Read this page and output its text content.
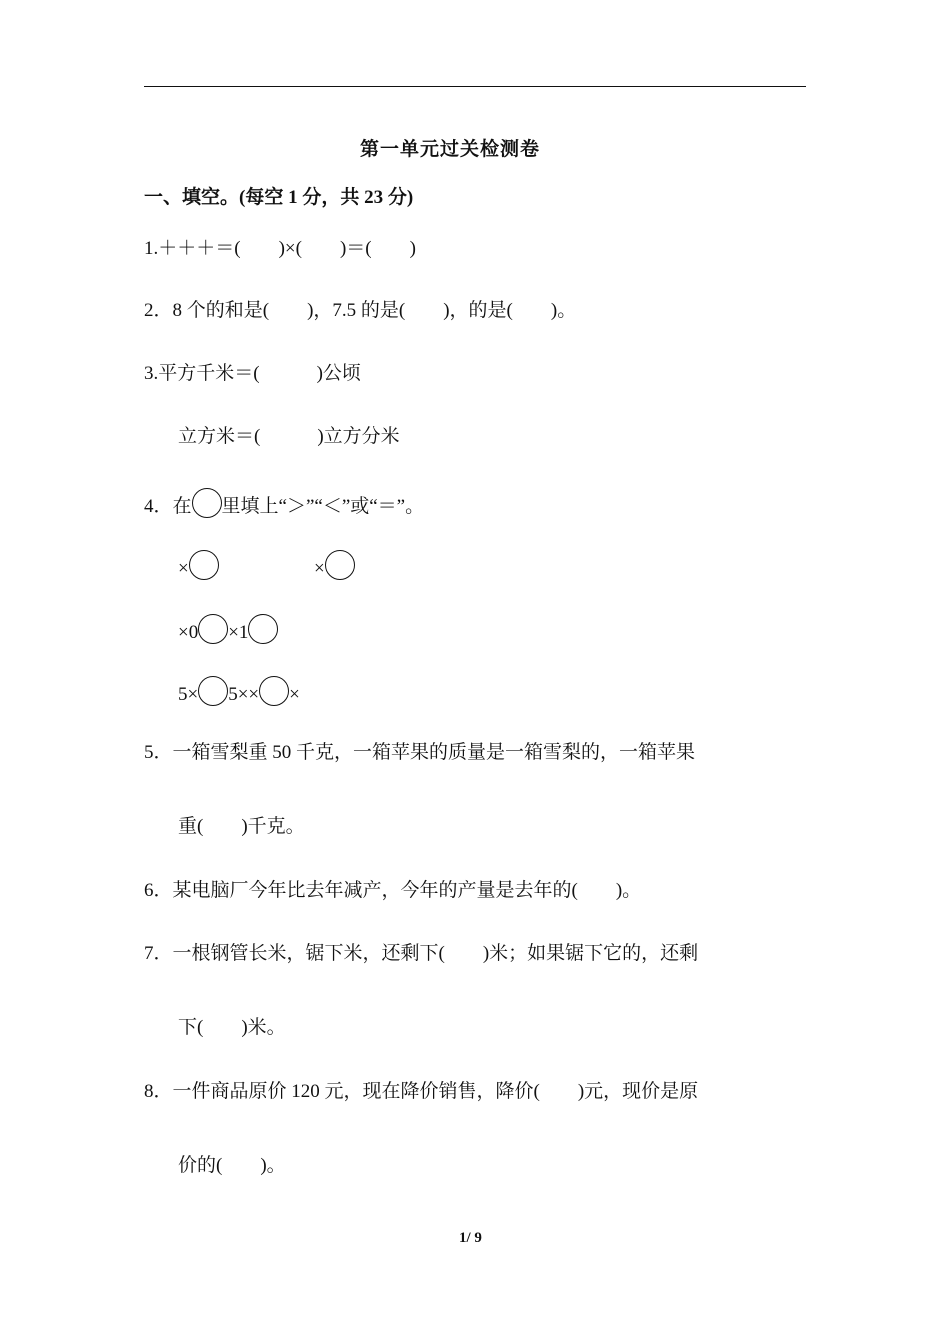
第一单元过关检测卷
一、填空。(每空 1 分，共 23 分)
1.＋＋＋＝(　　)×(　　)＝(　　)
2．8 个的和是(　　)，7.5 的是(　　)，的是(　　)。
3.平方千米＝(　　　)公顷
立方米＝(　　　)立方分米
4．在 里填上“＞”“＜”或“＝”。
×	×
×0 ×1
5× 5×× ×
5．一箱雪梨重 50 千克，一箱苹果的质量是一箱雪梨的，一箱苹果
重(　　)千克。
6．某电脑厂今年比去年减产，今年的产量是去年的(　　)。
7．一根钢管长米，锯下米，还剩下(　　)米；如果锯下它的，还剩
下(　　)米。
8．一件商品原价 120 元，现在降价销售，降价(　　)元，现价是原
价的(　　)。
1/ 9
